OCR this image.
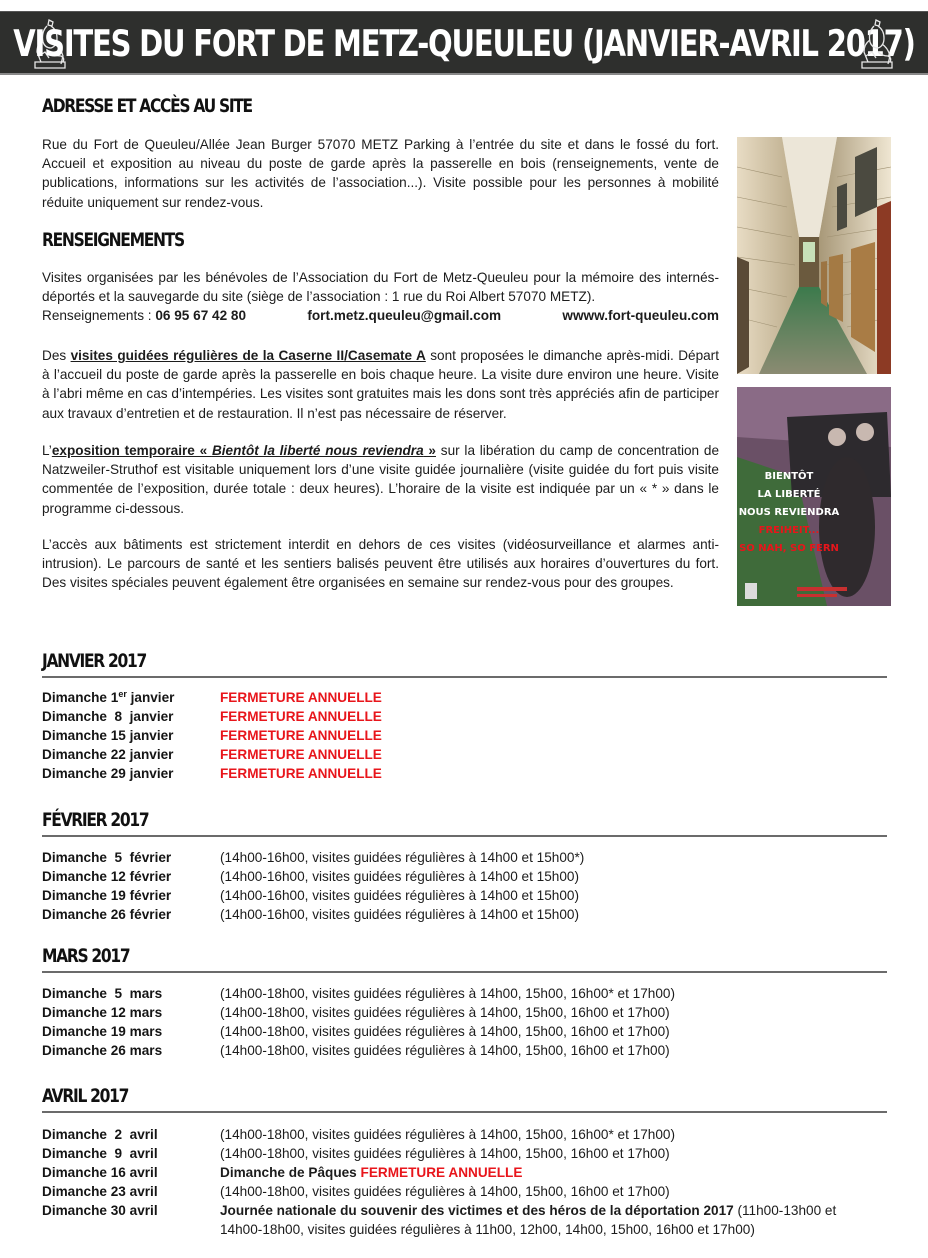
VISITES DU FORT DE METZ-QUEULEU (JANVIER-AVRIL 2017)
ADRESSE ET ACCÈS AU SITE
Rue du Fort de Queuleu/Allée Jean Burger 57070 METZ Parking à l’entrée du site et dans le fossé du fort. Accueil et exposition au niveau du poste de garde après la passerelle en bois (renseignements, vente de publications, informations sur les activités de l’association...). Visite possible pour les personnes à mobilité réduite uniquement sur rendez-vous.
RENSEIGNEMENTS
Visites organisées par les bénévoles de l’Association du Fort de Metz-Queuleu pour la mémoire des internés-déportés et la sauvegarde du site (siège de l’association : 1 rue du Roi Albert 57070 METZ).
Renseignements : 06 95 67 42 80	fort.metz.queuleu@gmail.com	wwww.fort-queuleu.com
Des visites guidées régulières de la Caserne II/Casemate A sont proposées le dimanche après-midi. Départ à l’accueil du poste de garde après la passerelle en bois chaque heure. La visite dure environ une heure. Visite à l’abri même en cas d’intempéries. Les visites sont gratuites mais les dons sont très appréciés afin de participer aux travaux d’entretien et de restauration. Il n’est pas nécessaire de réserver.
L’exposition temporaire « Bientôt la liberté nous reviendra » sur la libération du camp de concentration de Natzweiler-Struthof est visitable uniquement lors d’une visite guidée journalière (visite guidée du fort puis visite commentée de l’exposition, durée totale : deux heures). L’horaire de la visite est indiquée par un « * » dans le programme ci-dessous.
L’accès aux bâtiments est strictement interdit en dehors de ces visites (vidéosurveillance et alarmes anti-intrusion). Le parcours de santé et les sentiers balisés peuvent être utilisés aux horaires d’ouvertures du fort. Des visites spéciales peuvent également être organisées en semaine sur rendez-vous pour des groupes.
BIENTÔT
LA LIBERTÉ
NOUS REVIENDRA
FREIHEIT...
SO NAH, SO FERN
JANVIER 2017
Dimanche 1er janvier	FERMETURE ANNUELLE
Dimanche  8  janvier	FERMETURE ANNUELLE
Dimanche 15 janvier	FERMETURE ANNUELLE
Dimanche 22 janvier	FERMETURE ANNUELLE
Dimanche 29 janvier	FERMETURE ANNUELLE
FÉVRIER 2017
Dimanche  5  février	(14h00-16h00, visites guidées régulières à 14h00 et 15h00*)
Dimanche 12 février	(14h00-16h00, visites guidées régulières à 14h00 et 15h00)
Dimanche 19 février	(14h00-16h00, visites guidées régulières à 14h00 et 15h00)
Dimanche 26 février	(14h00-16h00, visites guidées régulières à 14h00 et 15h00)
MARS 2017
Dimanche  5  mars	(14h00-18h00, visites guidées régulières à 14h00, 15h00, 16h00* et 17h00)
Dimanche 12 mars	(14h00-18h00, visites guidées régulières à 14h00, 15h00, 16h00 et 17h00)
Dimanche 19 mars	(14h00-18h00, visites guidées régulières à 14h00, 15h00, 16h00 et 17h00)
Dimanche 26 mars	(14h00-18h00, visites guidées régulières à 14h00, 15h00, 16h00 et 17h00)
AVRIL 2017
Dimanche  2  avril	(14h00-18h00, visites guidées régulières à 14h00, 15h00, 16h00* et 17h00)
Dimanche  9  avril	(14h00-18h00, visites guidées régulières à 14h00, 15h00, 16h00 et 17h00)
Dimanche 16 avril	Dimanche de Pâques FERMETURE ANNUELLE
Dimanche 23 avril	(14h00-18h00, visites guidées régulières à 14h00, 15h00, 16h00 et 17h00)
Dimanche 30 avril	Journée nationale du souvenir des victimes et des héros de la déportation 2017 (11h00-13h00 et 14h00-18h00, visites guidées régulières à 11h00, 12h00, 14h00, 15h00, 16h00 et 17h00)
